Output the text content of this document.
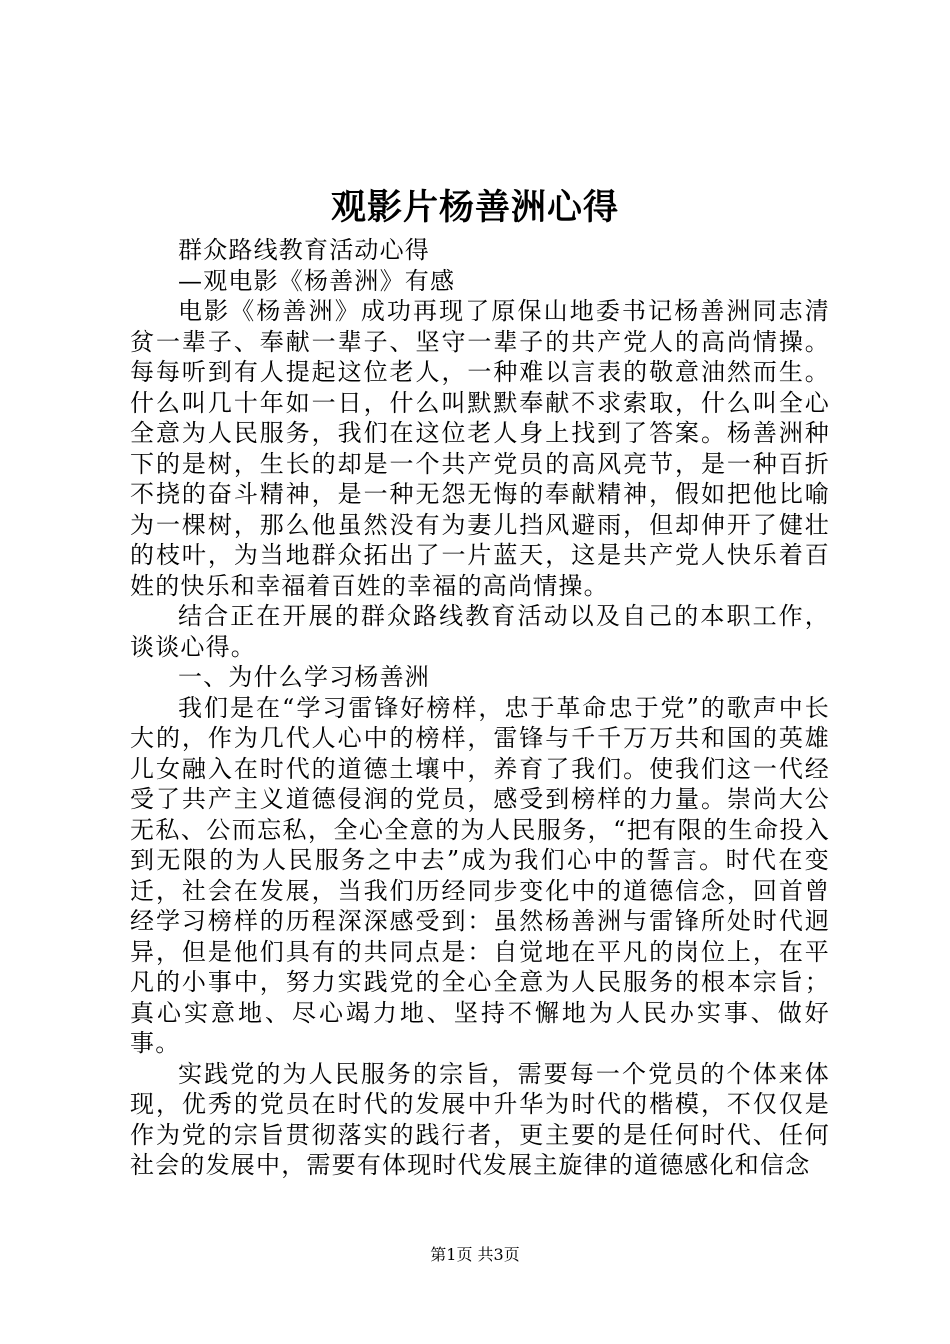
观影片杨善洲心得

群众路线教育活动心得

—观电影《杨善洲》有感

电影《杨善洲》成功再现了原保山地委书记杨善洲同志清贫一辈子、奉献一辈子、坚守一辈子的共产党人的高尚情操。每每听到有人提起这位老人，一种难以言表的敬意油然而生。什么叫几十年如一日，什么叫默默奉献不求索取，什么叫全心全意为人民服务，我们在这位老人身上找到了答案。杨善洲种下的是树，生长的却是一个共产党员的高风亮节，是一种百折不挠的奋斗精神，是一种无怨无悔的奉献精神，假如把他比喻为一棵树，那么他虽然没有为妻儿挡风避雨，但却伸开了健壮的枝叶，为当地群众拓出了一片蓝天，这是共产党人快乐着百姓的快乐和幸福着百姓的幸福的高尚情操。

结合正在开展的群众路线教育活动以及自己的本职工作，谈谈心得。

一、为什么学习杨善洲

我们是在“学习雷锋好榜样，忠于革命忠于党”的歌声中长大的，作为几代人心中的榜样，雷锋与千千万万共和国的英雄儿女融入在时代的道德土壤中，养育了我们。使我们这一代经受了共产主义道德侵润的党员，感受到榜样的力量。崇尚大公无私、公而忘私，全心全意的为人民服务，“把有限的生命投入到无限的为人民服务之中去”成为我们心中的誓言。时代在变迁，社会在发展，当我们历经同步变化中的道德信念，回首曾经学习榜样的历程深深感受到：虽然杨善洲与雷锋所处时代迥异，但是他们具有的共同点是：自觉地在平凡的岗位上，在平凡的小事中，努力实践党的全心全意为人民服务的根本宗旨；真心实意地、尽心竭力地、坚持不懈地为人民办实事、做好事。

实践党的为人民服务的宗旨，需要每一个党员的个体来体现，优秀的党员在时代的发展中升华为时代的楷模，不仅仅是作为党的宗旨贯彻落实的践行者，更主要的是任何时代、任何社会的发展中，需要有体现时代发展主旋律的道德感化和信念

第1页 共3页
